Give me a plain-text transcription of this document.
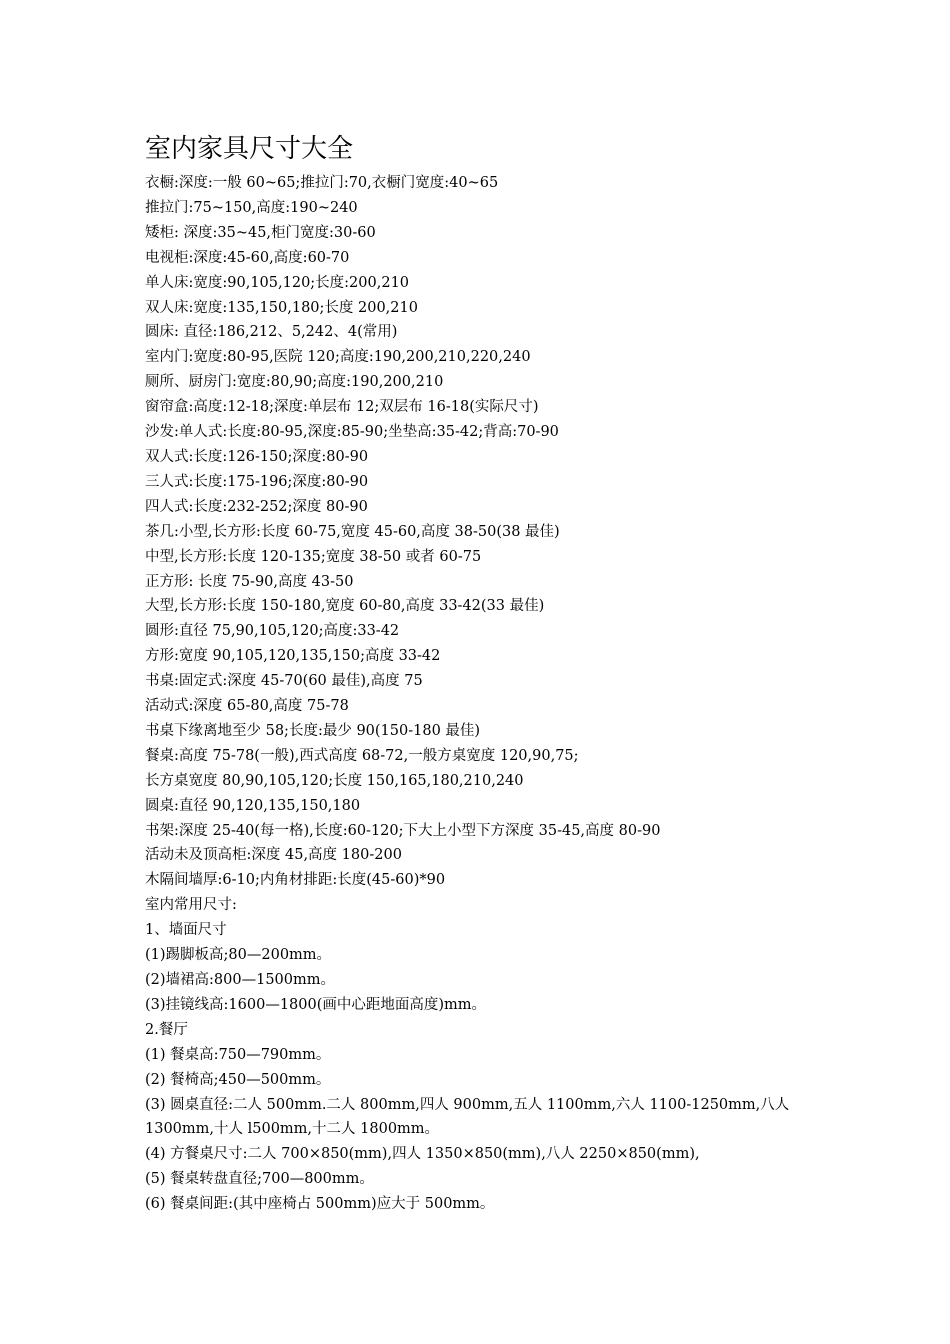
室内家具尺寸大全
衣橱:深度:一般 60~65;推拉门:70,衣橱门宽度:40~65
推拉门:75~150,高度:190~240
矮柜: 深度:35~45,柜门宽度:30-60
电视柜:深度:45-60,高度:60-70
单人床:宽度:90,105,120;长度:200,210
双人床:宽度:135,150,180;长度 200,210
圆床: 直径:186,212、5,242、4(常用)
室内门:宽度:80-95,医院 120;高度:190,200,210,220,240
厕所、厨房门:宽度:80,90;高度:190,200,210
窗帘盒:高度:12-18;深度:单层布 12;双层布 16-18(实际尺寸)
沙发:单人式:长度:80-95,深度:85-90;坐垫高:35-42;背高:70-90
双人式:长度:126-150;深度:80-90
三人式:长度:175-196;深度:80-90
四人式:长度:232-252;深度 80-90
茶几:小型,长方形:长度 60-75,宽度 45-60,高度 38-50(38 最佳)
中型,长方形:长度 120-135;宽度 38-50 或者 60-75
正方形: 长度 75-90,高度 43-50
大型,长方形:长度 150-180,宽度 60-80,高度 33-42(33 最佳)
圆形:直径 75,90,105,120;高度:33-42
方形:宽度 90,105,120,135,150;高度 33-42
书桌:固定式:深度 45-70(60 最佳),高度 75
活动式:深度 65-80,高度 75-78
书桌下缘离地至少 58;长度:最少 90(150-180 最佳)
餐桌:高度 75-78(一般),西式高度 68-72,一般方桌宽度 120,90,75;
长方桌宽度 80,90,105,120;长度 150,165,180,210,240
圆桌:直径 90,120,135,150,180
书架:深度 25-40(每一格),长度:60-120;下大上小型下方深度 35-45,高度 80-90
活动未及顶高柜:深度 45,高度 180-200
木隔间墙厚:6-10;内角材排距:长度(45-60)*90
室内常用尺寸:
1、墙面尺寸
(1)踢脚板高;80—200mm。
(2)墙裙高:800—1500mm。
(3)挂镜线高:1600—1800(画中心距地面高度)mm。
2.餐厅
(1) 餐桌高:750—790mm。
(2) 餐椅高;450—500mm。
(3) 圆桌直径:二人 500mm.二人 800mm,四人 900mm,五人 1100mm,六人 1100-1250mm,八人 1300mm,十人 l500mm,十二人 1800mm。
(4) 方餐桌尺寸:二人 700×850(mm),四人 1350×850(mm),八人 2250×850(mm),
(5) 餐桌转盘直径;700—800mm。
(6) 餐桌间距:(其中座椅占 500mm)应大于 500mm。
